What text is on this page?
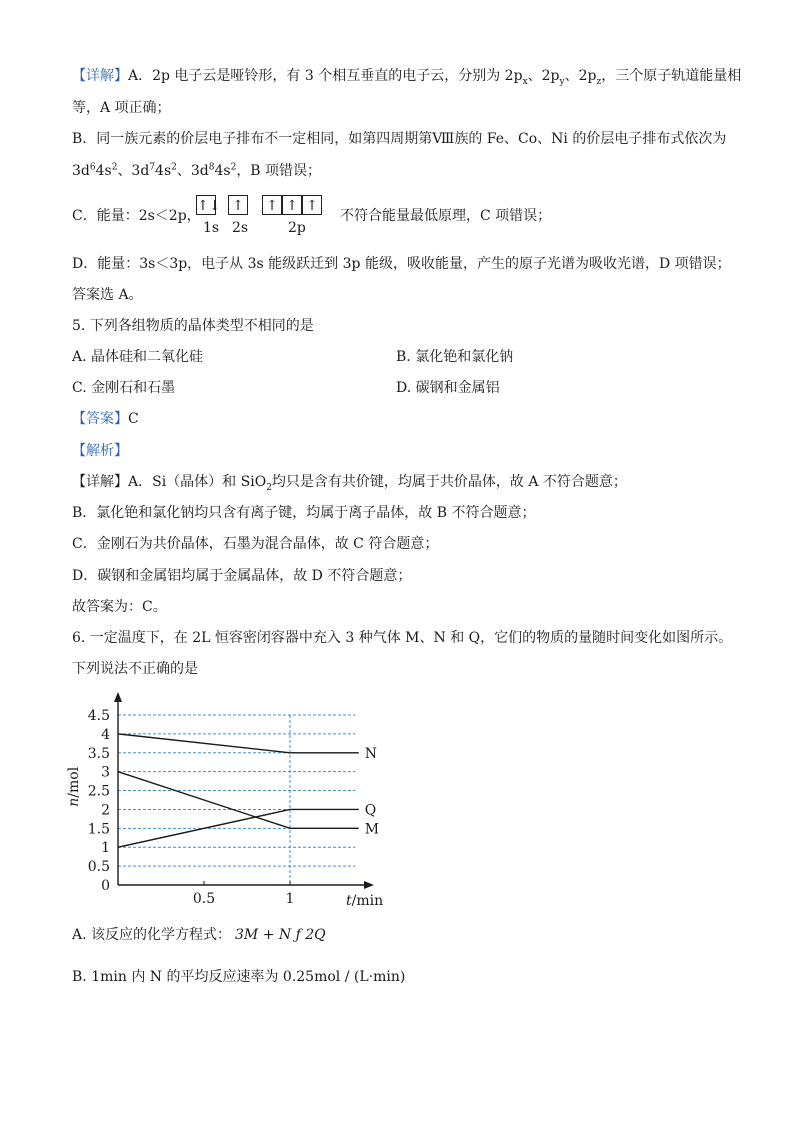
【详解】A．2p 电子云是哑铃形，有 3 个相互垂直的电子云，分别为 $2p_x$、$2p_y$、$2p_z$，三个原子轨道能量相
等，A 项正确；
B．同一族元素的价层电子排布不一定相同，如第四周期第Ⅷ族的 Fe、Co、Ni 的价层电子排布式依次为
$3d^64s^2$、$3d^74s^2$、$3d^84s^2$，B 项错误；
C．能量：2s＜2p，
↑↓ ↑ ↑ ↑ ↑
1s 2s	2p
不符合能量最低原理，C 项错误；
D．能量：3s＜3p，电子从 3s 能级跃迁到 3p 能级，吸收能量，产生的原子光谱为吸收光谱，D 项错误；
答案选 A。
5. 下列各组物质的晶体类型不相同的是
A. 晶体硅和二氧化硅	B. 氯化铯和氯化钠
C. 金刚石和石墨	D. 碳钢和金属铝
【答案】C
【解析】
【详解】A．Si（晶体）和 SiO$_2$均只是含有共价键，均属于共价晶体，故 A 不符合题意；
B．氯化铯和氯化钠均只含有离子键，均属于离子晶体，故 B 不符合题意；
C．金刚石为共价晶体，石墨为混合晶体，故 C 符合题意；
D．碳钢和金属铝均属于金属晶体，故 D 不符合题意；
故答案为：C。
6. 一定温度下，在 2L 恒容密闭容器中充入 3 种气体 M、N 和 Q，它们的物质的量随时间变化如图所示。
下列说法不正确的是
4.5
4
3.5
3
2.5
2
1.5
1
0.5
0
0.5	1
N
Q
M
n/mol
t/min
A. 该反应的化学方程式： 3M + N ƒ 2Q
B. 1min 内 N 的平均反应速率为 0.25mol / (L·min)
